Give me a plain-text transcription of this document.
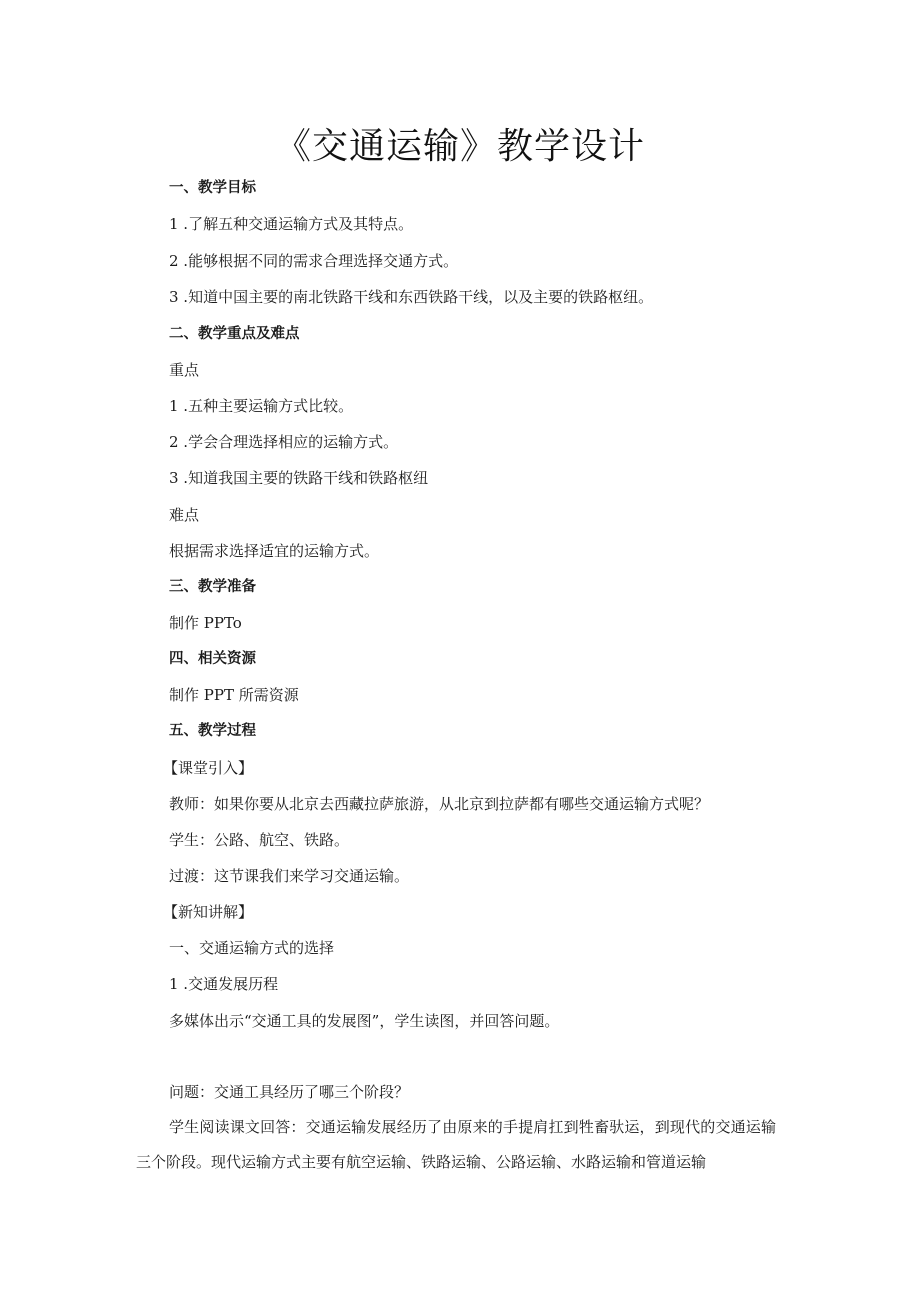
《交通运输》教学设计
一、教学目标
1 .了解五种交通运输方式及其特点。
2 .能够根据不同的需求合理选择交通方式。
3 .知道中国主要的南北铁路干线和东西铁路干线，以及主要的铁路枢纽。
二、教学重点及难点
重点
1 .五种主要运输方式比较。
2 .学会合理选择相应的运输方式。
3 .知道我国主要的铁路干线和铁路枢纽
难点
根据需求选择适宜的运输方式。
三、教学准备
制作 PPTo
四、相关资源
制作 PPT 所需资源
五、教学过程
【课堂引入】
教师：如果你要从北京去西藏拉萨旅游，从北京到拉萨都有哪些交通运输方式呢？
学生：公路、航空、铁路。
过渡：这节课我们来学习交通运输。
【新知讲解】
一、交通运输方式的选择
1 .交通发展历程
多媒体出示“交通工具的发展图”，学生读图，并回答问题。
问题：交通工具经历了哪三个阶段？
学生阅读课文回答：交通运输发展经历了由原来的手提肩扛到牲畜驮运，到现代的交通运输三个阶段。现代运输方式主要有航空运输、铁路运输、公路运输、水路运输和管道运输
